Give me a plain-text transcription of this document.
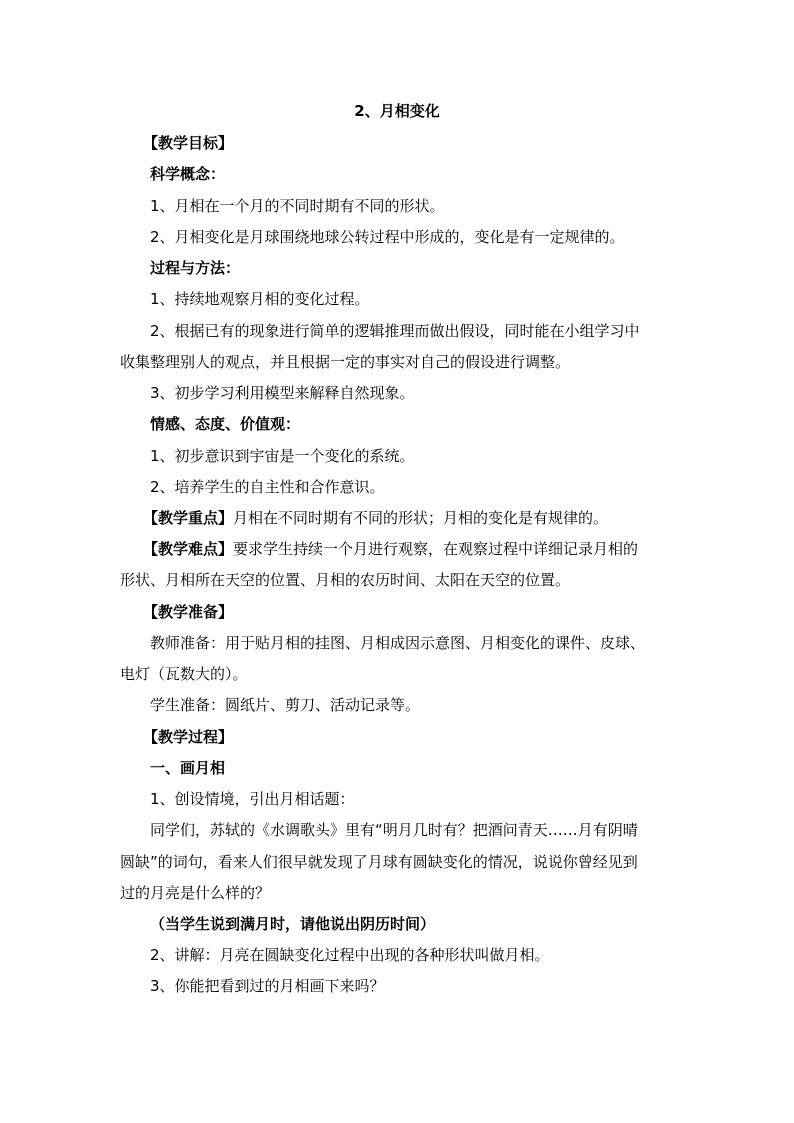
2、月相变化
【教学目标】
科学概念：
1、月相在一个月的不同时期有不同的形状。
2、月相变化是月球围绕地球公转过程中形成的，变化是有一定规律的。
过程与方法：
1、持续地观察月相的变化过程。
2、根据已有的现象进行简单的逻辑推理而做出假设，同时能在小组学习中
收集整理别人的观点，并且根据一定的事实对自己的假设进行调整。
3、初步学习利用模型来解释自然现象。
情感、态度、价值观：
1、初步意识到宇宙是一个变化的系统。
2、培养学生的自主性和合作意识。
【教学重点】月相在不同时期有不同的形状；月相的变化是有规律的。
【教学难点】要求学生持续一个月进行观察，在观察过程中详细记录月相的
形状、月相所在天空的位置、月相的农历时间、太阳在天空的位置。
【教学准备】
教师准备：用于贴月相的挂图、月相成因示意图、月相变化的课件、皮球、
电灯（瓦数大的）。
学生准备：圆纸片、剪刀、活动记录等。
【教学过程】
一、画月相
1、创设情境，引出月相话题：
同学们，苏轼的《水调歌头》里有“明月几时有？把酒问青天……月有阴晴
圆缺”的词句，看来人们很早就发现了月球有圆缺变化的情况，说说你曾经见到
过的月亮是什么样的？
（当学生说到满月时，请他说出阴历时间）
2、讲解：月亮在圆缺变化过程中出现的各种形状叫做月相。
3、你能把看到过的月相画下来吗？
